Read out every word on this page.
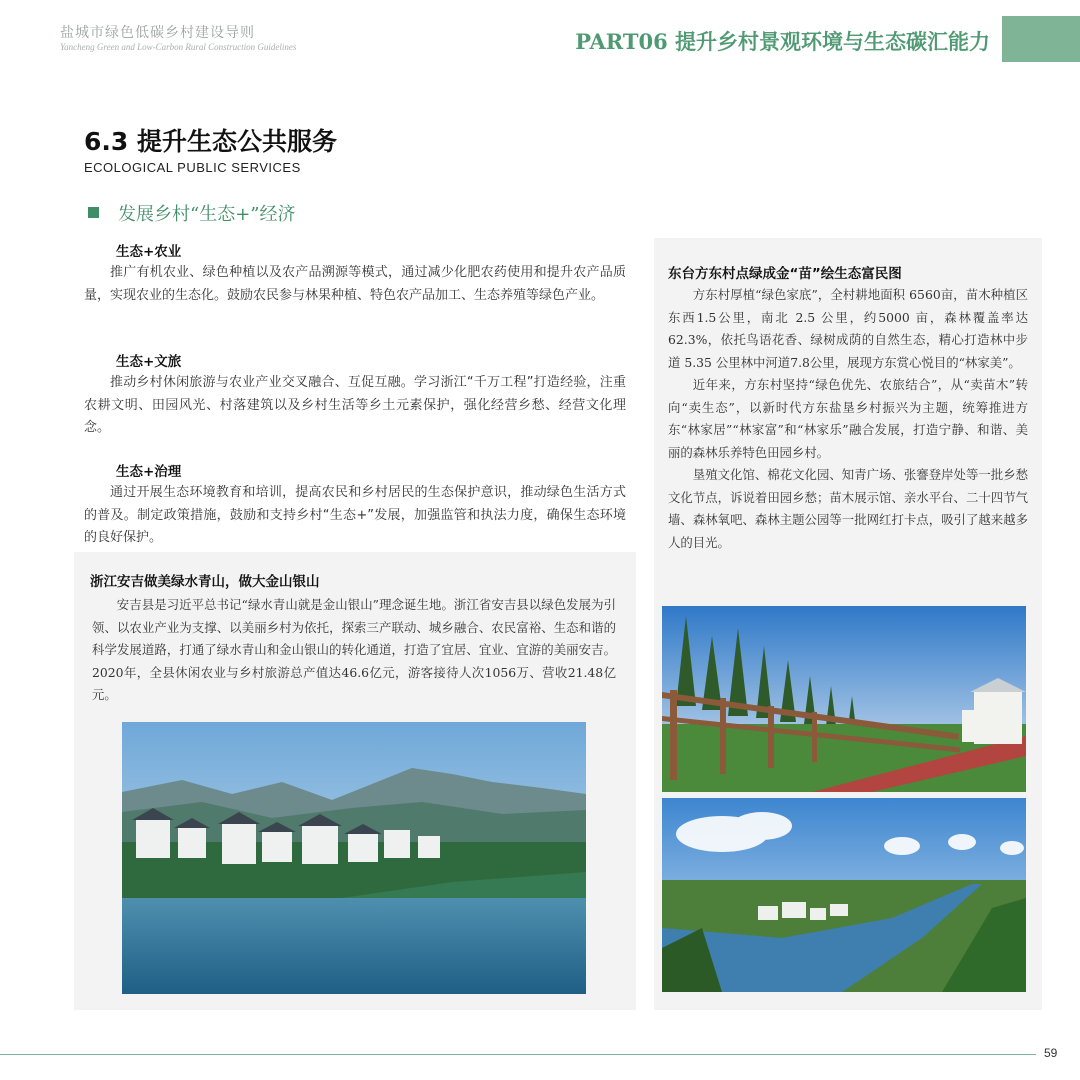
盐城市绿色低碳乡村建设导则
Yancheng Green and Low-Carbon Rural Construction Guidelines	PART06 提升乡村景观环境与生态碳汇能力
6.3 提升生态公共服务
ECOLOGICAL PUBLIC SERVICES
发展乡村“生态+”经济
生态+农业
推广有机农业、绿色种植以及农产品溯源等模式，通过减少化肥农药使用和提升农产品质量，实现农业的生态化。鼓励农民参与林果种植、特色农产品加工、生态养殖等绿色产业。
生态+文旅
推动乡村休闲旅游与农业产业交叉融合、互促互融。学习浙江“千万工程”打造经验，注重农耕文明、田园风光、村落建筑以及乡村生活等乡土元素保护，强化经营乡愁、经营文化理念。
生态+治理
通过开展生态环境教育和培训，提高农民和乡村居民的生态保护意识，推动绿色生活方式的普及。制定政策措施，鼓励和支持乡村“生态+”发展，加强监管和执法力度，确保生态环境的良好保护。
浙江安吉做美绿水青山，做大金山银山

安吉县是习近平总书记“绿水青山就是金山银山”理念诞生地。浙江省安吉县以绿色发展为引领、以农业产业为支撑、以美丽乡村为依托，探索三产联动、城乡融合、农民富裕、生态和谐的科学发展道路，打通了绿水青山和金山银山的转化通道，打造了宜居、宜业、宜游的美丽安吉。2020年，全县休闲农业与乡村旅游总产值达46.6亿元，游客接待人次1056万、营收21.48亿元。

东台方东村点绿成金“苗”绘生态富民图

方东村厚植“绿色家底”，全村耕地面积 6560亩，苗木种植区东西1.5公里，南北 2.5 公里，约5000 亩，森林覆盖率达 62.3%，依托鸟语花香、绿树成荫的自然生态，精心打造林中步道 5.35 公里林中河道7.8公里，展现方东赏心悦目的“林家美”。

近年来，方东村坚持“绿色优先、农旅结合”，从“卖苗木”转向“卖生态”，以新时代方东盐垦乡村振兴为主题，统筹推进方东“林家居”“林家富”和“林家乐”融合发展，打造宁静、和谐、美丽的森林乐养特色田园乡村。

垦殖文化馆、棉花文化园、知青广场、张謇登岸处等一批乡愁文化节点，诉说着田园乡愁；苗木展示馆、亲水平台、二十四节气墙、森林氧吧、森林主题公园等一批网红打卡点，吸引了越来越多人的目光。

59
